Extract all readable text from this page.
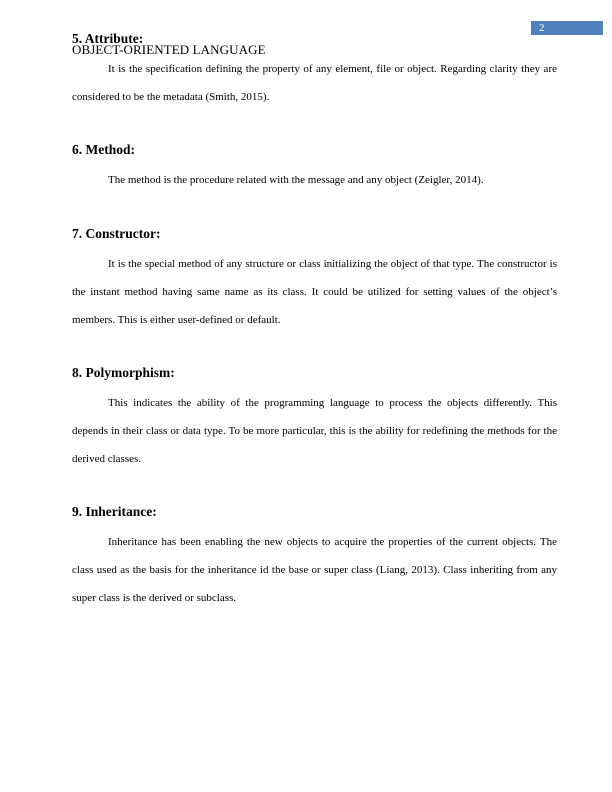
2
OBJECT-ORIENTED LANGUAGE
5. Attribute:

It is the specification defining the property of any element, file or object. Regarding clarity they are considered to be the metadata (Smith, 2015).

6. Method:

The method is the procedure related with the message and any object (Zeigler, 2014).

7. Constructor:

It is the special method of any structure or class initializing the object of that type. The constructor is the instant method having same name as its class. It could be utilized for setting values of the object’s members. This is either user-defined or default.

8. Polymorphism:

This indicates the ability of the programming language to process the objects differently. This depends in their class or data type. To be more particular, this is the ability for redefining the methods for the derived classes.

9. Inheritance:

Inheritance has been enabling the new objects to acquire the properties of the current objects. The class used as the basis for the inheritance id the base or super class (Liang, 2013). Class inheriting from any super class is the derived or subclass.
